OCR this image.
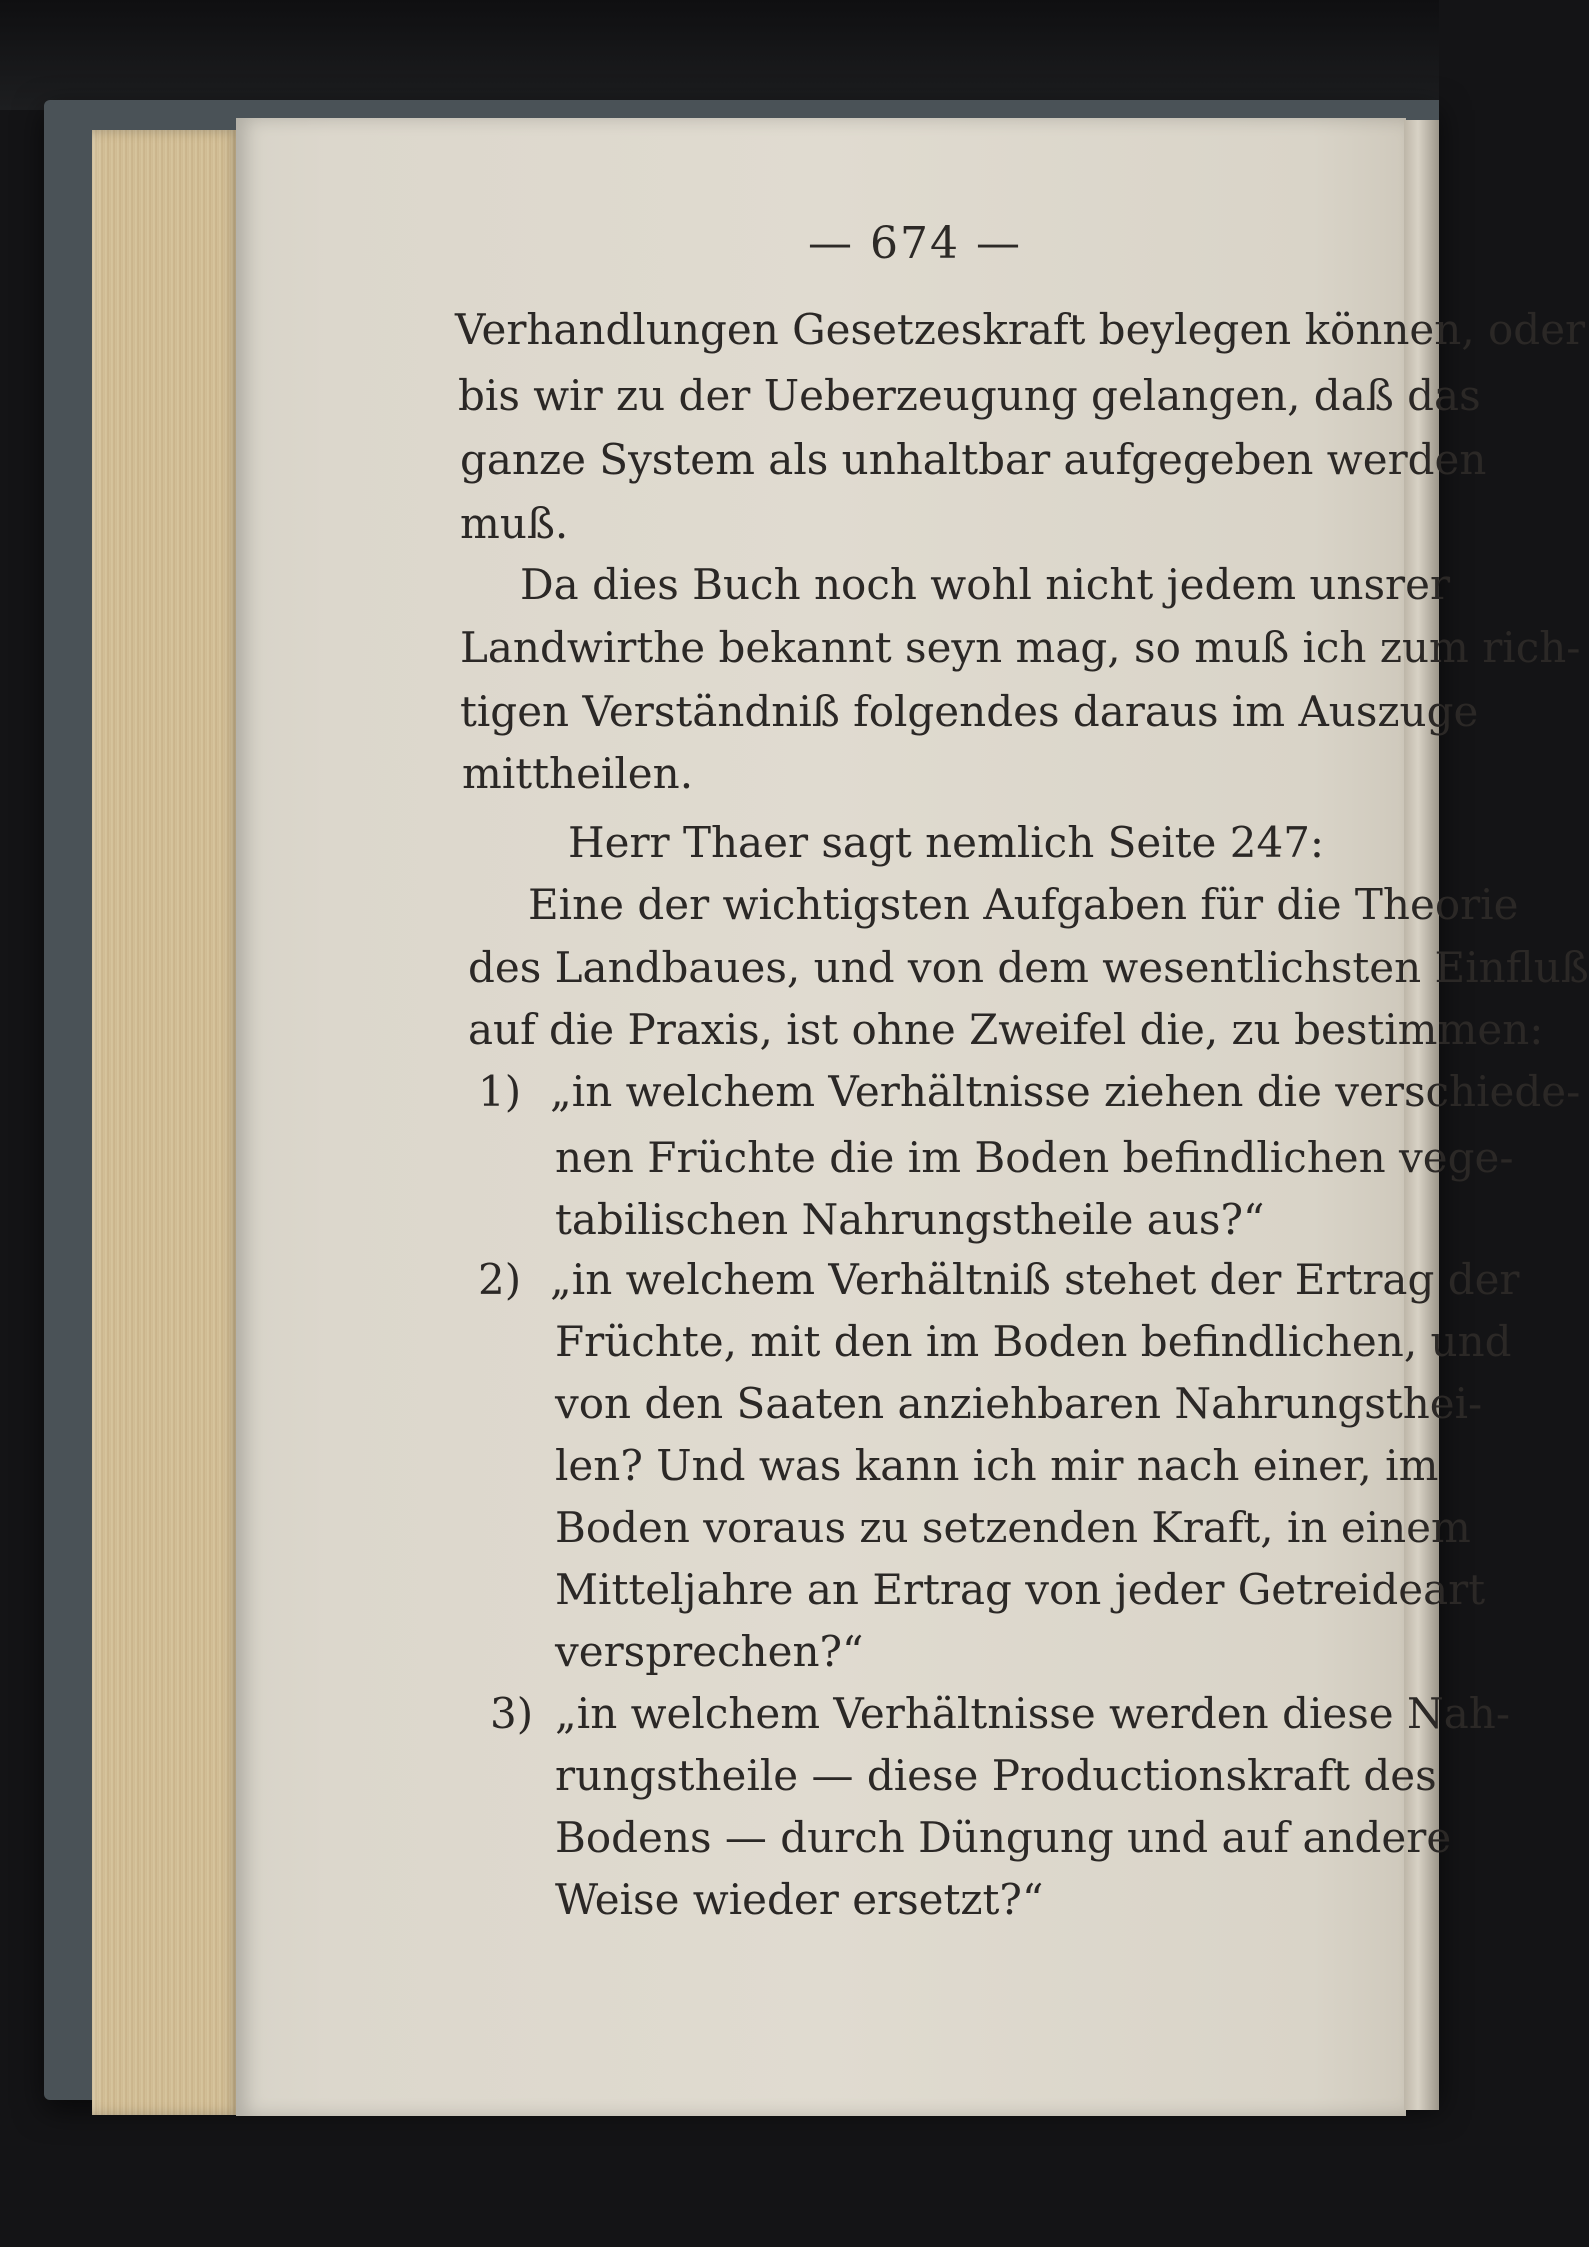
— 674 —
Verhandlungen Gesetzeskraft beylegen können, oder
bis wir zu der Ueberzeugung gelangen, daß das
ganze System als unhaltbar aufgegeben werden
muß.
Da dies Buch noch wohl nicht jedem unsrer
Landwirthe bekannt seyn mag, so muß ich zum rich-
tigen Verständniß folgendes daraus im Auszuge
mittheilen.
Herr Thaer sagt nemlich Seite 247:
Eine der wichtigsten Aufgaben für die Theorie
des Landbaues, und von dem wesentlichsten Einfluß
auf die Praxis, ist ohne Zweifel die, zu bestimmen:
1) „in welchem Verhältnisse ziehen die verschiede-
nen Früchte die im Boden befindlichen vege-
tabilischen Nahrungstheile aus?“
2) „in welchem Verhältniß stehet der Ertrag der
Früchte, mit den im Boden befindlichen, und
von den Saaten anziehbaren Nahrungsthei-
len? Und was kann ich mir nach einer, im
Boden voraus zu setzenden Kraft, in einem
Mitteljahre an Ertrag von jeder Getreideart
versprechen?“
3) „in welchem Verhältnisse werden diese Nah-
rungstheile — diese Productionskraft des
Bodens — durch Düngung und auf andere
Weise wieder ersetzt?“
